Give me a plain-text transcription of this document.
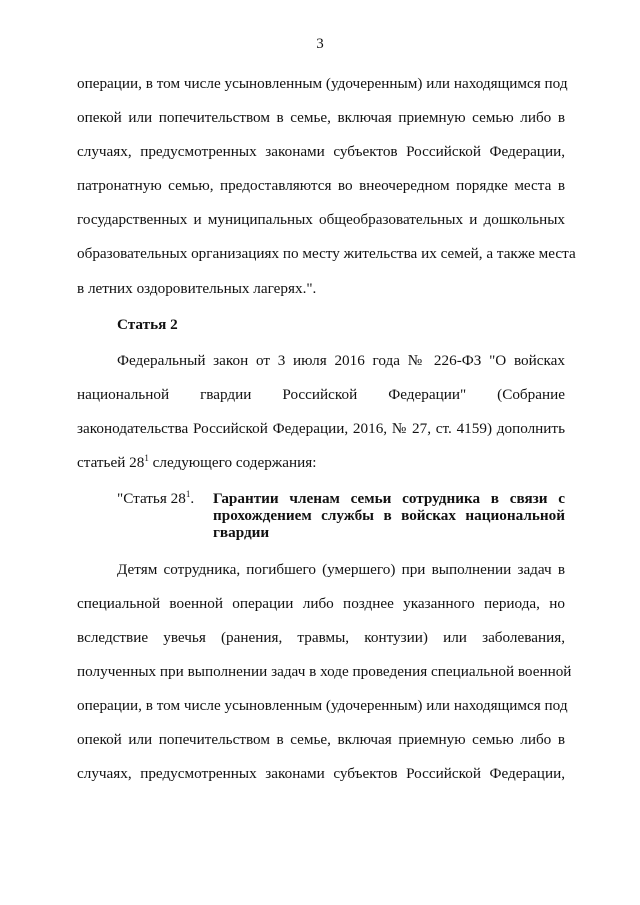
3
операции, в том числе усыновленным (удочеренным) или находящимся под
опекой или попечительством в семье, включая приемную семью либо в
случаях, предусмотренных законами субъектов Российской Федерации,
патронатную семью, предоставляются во внеочередном порядке места в
государственных и муниципальных общеобразовательных и дошкольных
образовательных организациях по месту жительства их семей, а также места
в летних оздоровительных лагерях.".
Статья 2
Федеральный закон от 3 июля 2016 года № 226-ФЗ "О войсках
национальной гвардии Российской Федерации" (Собрание
законодательства Российской Федерации, 2016, № 27, ст. 4159) дополнить
статьей $28^1$ следующего содержания:
"Статья $28^1$. Гарантии членам семьи сотрудника в связи с
прохождением службы в войсках национальной
гвардии
Детям сотрудника, погибшего (умершего) при выполнении задач в
специальной военной операции либо позднее указанного периода, но
вследствие увечья (ранения, травмы, контузии) или заболевания,
полученных при выполнении задач в ходе проведения специальной военной
операции, в том числе усыновленным (удочеренным) или находящимся под
опекой или попечительством в семье, включая приемную семью либо в
случаях, предусмотренных законами субъектов Российской Федерации,
